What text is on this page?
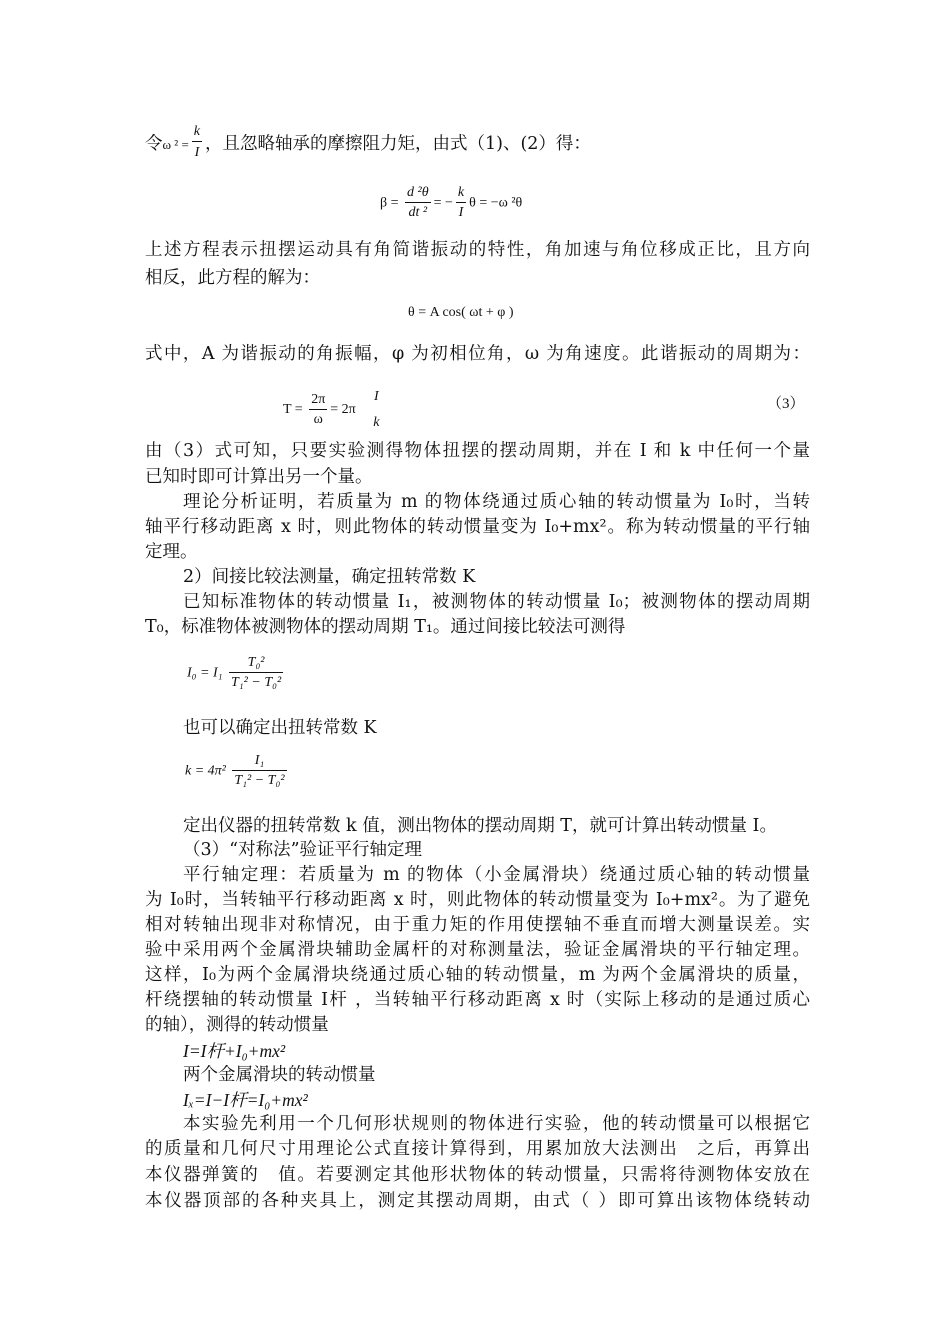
令ω $^2 = \frac{k}{I}$ ，且忽略轴承的摩擦阻力矩，由式（1)、(2）得：
$\beta = \frac{\text{d ²θ}}{\text{dt ²}}$ = − $\frac{k}{I}$ θ = −ω ²θ
上述方程表示扭摆运动具有角简谐振动的特性，角加速与角位移成正比，且方向
相反，此方程的解为：
θ = A cos( ωt + φ )
式中，A 为谐振动的角振幅，φ 为初相位角，ω 为角速度。此谐振动的周期为：
$T = \frac{2\pi}{\omega} = 2\pi$
I
k
（3）
由（3）式可知，只要实验测得物体扭摆的摆动周期，并在 I 和 k 中任何一个量
已知时即可计算出另一个量。
理论分析证明，若质量为 m 的物体绕通过质心轴的转动惯量为 I₀时，当转
轴平行移动距离 x 时，则此物体的转动惯量变为 I₀+mx²。称为转动惯量的平行轴
定理。
2）间接比较法测量，确定扭转常数 K
已知标准物体的转动惯量 I₁，被测物体的转动惯量 I₀；被测物体的摆动周期
T₀，标准物体被测物体的摆动周期 T₁。通过间接比较法可测得
$I_0 = I_1 \frac{\text{T₀²}}{\text{T₁² − T₀²}}$
也可以确定出扭转常数 K
$k = 4\pi^2 \frac{\text{I₁}}{\text{T₁² − T₀²}}$
定出仪器的扭转常数 k 值，测出物体的摆动周期 T，就可计算出转动惯量 I。
（3）“对称法”验证平行轴定理
平行轴定理：若质量为 m 的物体（小金属滑块）绕通过质心轴的转动惯量
为 I₀时，当转轴平行移动距离 x 时，则此物体的转动惯量变为 I₀+mx²。为了避免
相对转轴出现非对称情况，由于重力矩的作用使摆轴不垂直而增大测量误差。实
验中采用两个金属滑块辅助金属杆的对称测量法，验证金属滑块的平行轴定理。
这样，I₀为两个金属滑块绕通过质心轴的转动惯量，m 为两个金属滑块的质量，
杆绕摆轴的转动惯量 I杆 ，当转轴平行移动距离 x 时（实际上移动的是通过质心
的轴），测得的转动惯量
I=I杆+I₀+mx²
两个金属滑块的转动惯量
Iₓ=I−I杆=I₀+mx²
本实验先利用一个几何形状规则的物体进行实验，他的转动惯量可以根据它
的质量和几何尺寸用理论公式直接计算得到，用累加放大法测出　之后，再算出
本仪器弹簧的　值。若要测定其他形状物体的转动惯量，只需将待测物体安放在
本仪器顶部的各种夹具上，测定其摆动周期，由式（ ）即可算出该物体绕转动
